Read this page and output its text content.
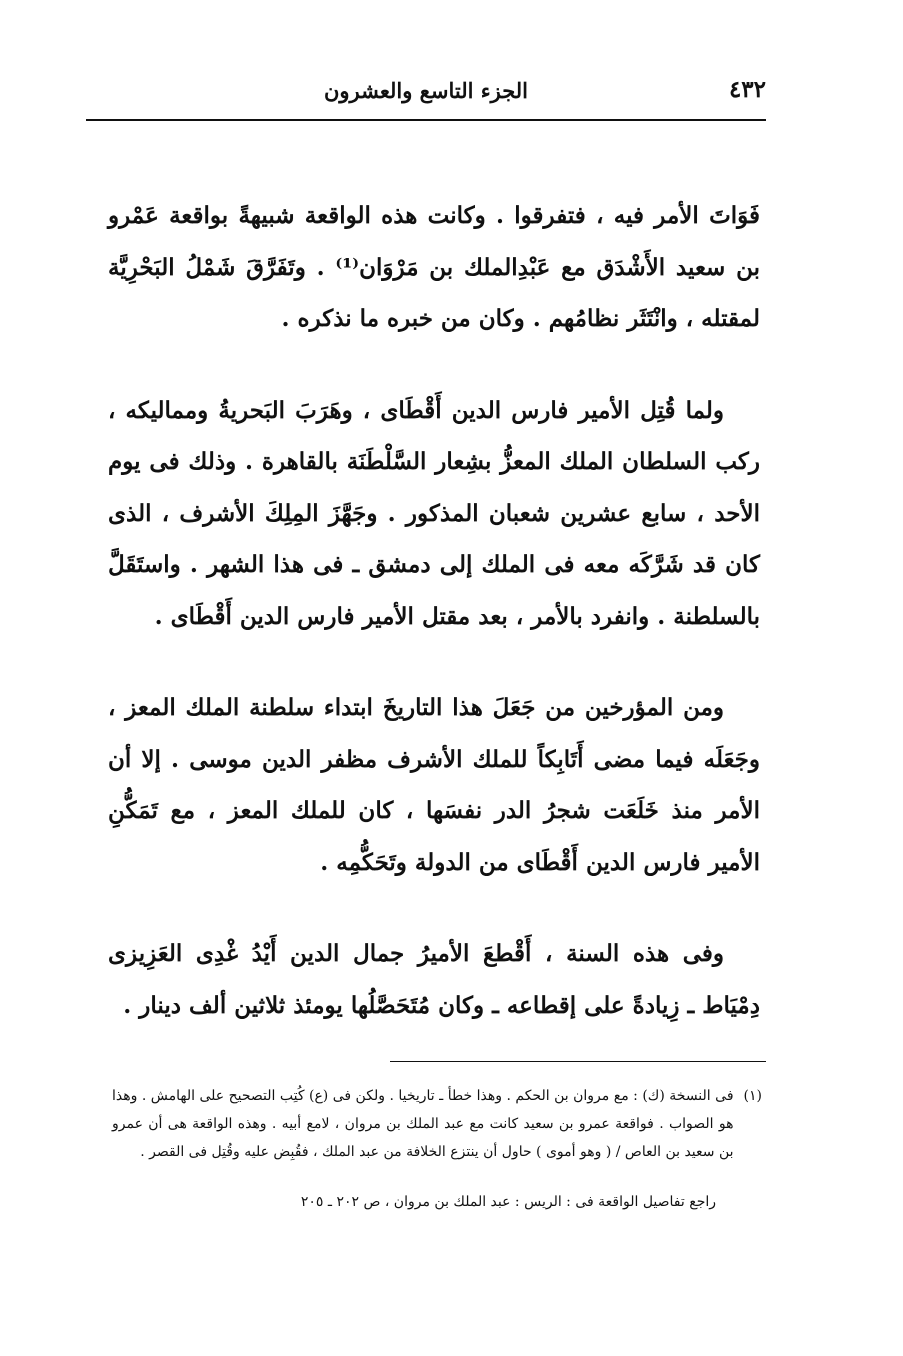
٤٣٢
الجزء التاسع والعشرون

فَوَاتَ الأمر فيه ، فتفرقوا . وكانت هذه الواقعة شبيهةً بواقعة عَمْرو بن سعيد الأَشْدَق مع عَبْدِالملك بن مَرْوَان⁽¹⁾ . وتَفَرَّقَ شَمْلُ البَحْرِيَّة لمقتله ، وانْتَثَر نظامُهم . وكان من خبره ما نذكره .

ولما قُتِل الأمير فارس الدين أَقْطَاى ، وهَرَبَ البَحريةُ ومماليكه ، ركب السلطان الملك المعزُّ بشِعار السَّلْطَنَة بالقاهرة . وذلك فى يوم الأحد ، سابع عشرين شعبان المذكور . وجَهَّزَ المِلِكَ الأشرف ، الذى كان قد شَرَّكَه معه فى الملك إلى دمشق ـ فى هذا الشهر . واستَقَلَّ بالسلطنة . وانفرد بالأمر ، بعد مقتل الأمير فارس الدين أَقْطَاى .

ومن المؤرخين من جَعَلَ هذا التاريخَ ابتداء سلطنة الملك المعز ، وجَعَلَه فيما مضى أَتَابِكاً للملك الأشرف مظفر الدين موسى . إلا أن الأمر منذ خَلَعَت شجرُ الدر نفسَها ، كان للملك المعز ، مع تَمَكُّنِ الأمير فارس الدين أَقْطَاى من الدولة وتَحَكُّمِه .

وفى هذه السنة ، أَقْطعَ الأميرُ جمال الدين أَيْدُ غْدِى العَزِيزى دِمْيَاط ـ زِيادةً على إقطاعه ـ وكان مُتَحَصَّلُها يومئذ ثلاثين ألف دينار .

(١)
فى النسخة (ك) : مع مروان بن الحكم . وهذا خطأ ـ تاريخيا . ولكن فى (ع) كُتِب التصحيح على الهامش . وهذا هو الصواب . فواقعة عمرو بن سعيد كانت مع عبد الملك بن مروان ، لامع أبيه . وهذه الواقعة هى أن عمرو بن سعيد بن العاص / ( وهو أموى ) حاول أن ينتزع الخلافة من عبد الملك ، فقُبِض عليه وقُتِل فى القصر .

راجع تفاصيل الواقعة فى : الريس : عبد الملك بن مروان ، ص ٢٠٢ ـ ٢٠٥
